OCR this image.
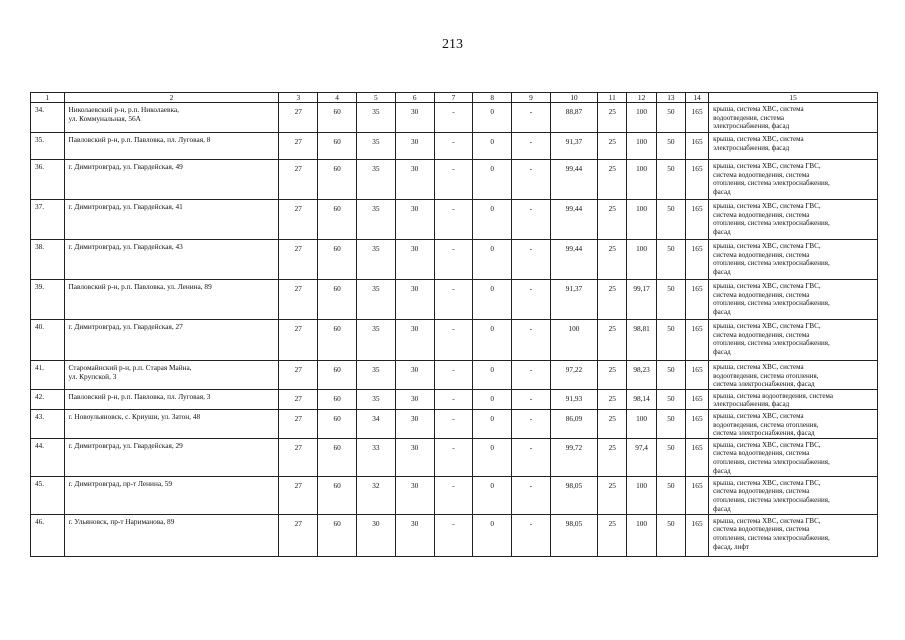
213
1	2	3	4	5	6	7	8	9	10	11	12	13	14	15

34.	Николаевский р-н, р.п. Николаевка,
ул. Коммунальная, 56А	27	60	35	30	-	0	-	88,87	25	100	50	165	крыша, система ХВС, система
водоотведения, система
электроснабжения, фасад

35.	Павловский р-н, р.п. Павловка, пл. Луговая, 8	27	60	35	30	-	0	-	91,37	25	100	50	165	крыша, система ХВС, система
электроснабжения, фасад

36.	г. Димитровград, ул. Гвардейская, 49	27	60	35	30	-	0	-	99,44	25	100	50	165	крыша, система ХВС, система ГВС,
система водоотведения, система
отопления, система электроснабжения,
фасад

37.	г. Димитровград, ул. Гвардейская, 41	27	60	35	30	-	0	-	99,44	25	100	50	165	крыша, система ХВС, система ГВС,
система водоотведения, система
отопления, система электроснабжения,
фасад

38.	г. Димитровград, ул. Гвардейская, 43	27	60	35	30	-	0	-	99,44	25	100	50	165	крыша, система ХВС, система ГВС,
система водоотведения, система
отопления, система электроснабжения,
фасад

39.	Павловский р-н, р.п. Павловка, ул. Ленина, 89	27	60	35	30	-	0	-	91,37	25	99,17	50	165	крыша, система ХВС, система ГВС,
система водоотведения, система
отопления, система электроснабжения,
фасад

40.	г. Димитровград, ул. Гвардейская, 27	27	60	35	30	-	0	-	100	25	98,81	50	165	крыша, система ХВС, система ГВС,
система водоотведения, система
отопления, система электроснабжения,
фасад

41.	Старомайнский р-н, р.п. Старая Майна,
ул. Крупской, 3	27	60	35	30	-	0	-	97,22	25	98,23	50	165	крыша, система ХВС, система
водоотведения, система отопления,
система электроснабжения, фасад

42.	Павловский р-н, р.п. Павловка, пл. Луговая, 3	27	60	35	30	-	0	-	91,93	25	98,14	50	165	крыша, система водоотведения, система
электроснабжения, фасад

43.	г. Новоульяновск, с. Криуши, ул. Затон, 48	27	60	34	30	-	0	-	86,09	25	100	50	165	крыша, система ХВС, система
водоотведения, система отопления,
система электроснабжения, фасад

44.	г. Димитровград, ул. Гвардейская, 29	27	60	33	30	-	0	-	99,72	25	97,4	50	165	крыша, система ХВС, система ГВС,
система водоотведения, система
отопления, система электроснабжения,
фасад

45.	г. Димитровград, пр-т Ленина, 59	27	60	32	30	-	0	-	98,05	25	100	50	165	крыша, система ХВС, система ГВС,
система водоотведения, система
отопления, система электроснабжения,
фасад

46.	г. Ульяновск, пр-т Нариманова, 89	27	60	30	30	-	0	-	98,05	25	100	50	165	крыша, система ХВС, система ГВС,
система водоотведения, система
отопления, система электроснабжения,
фасад, лифт
